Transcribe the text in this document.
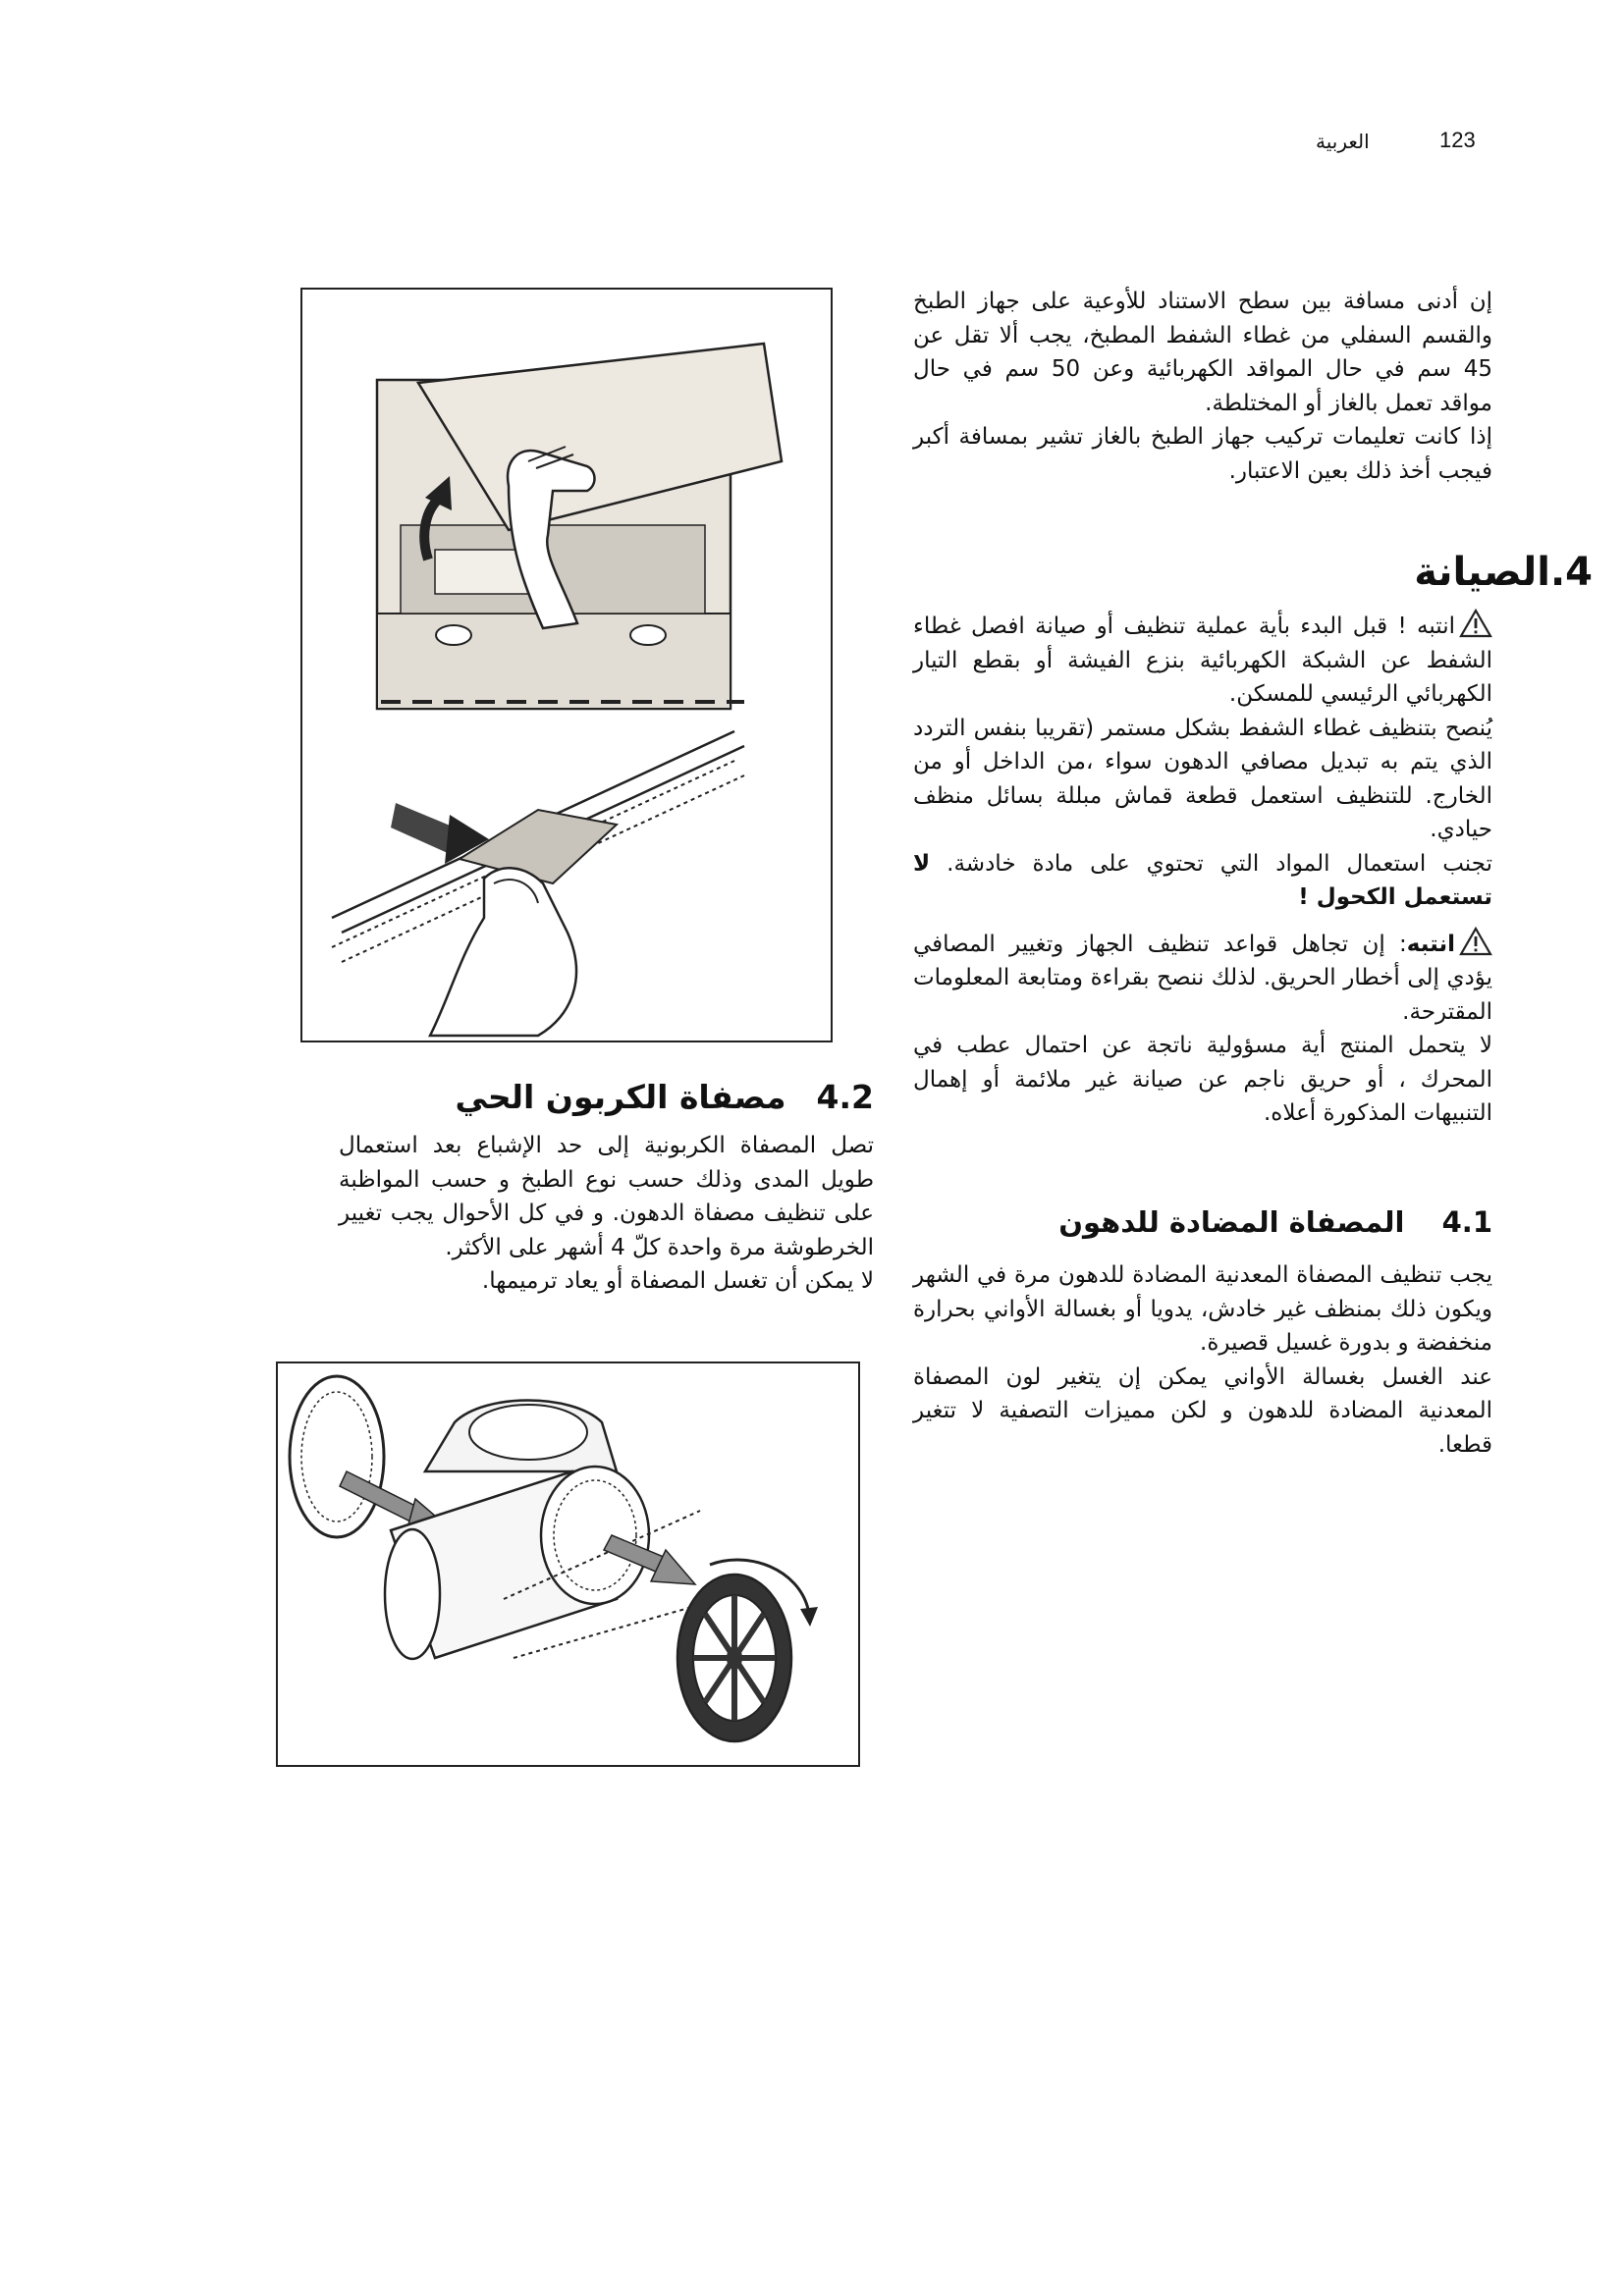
123
العربية

إن أدنى مسافة بين سطح الاستناد للأوعية على جهاز الطبخ والقسم السفلي من غطاء الشفط المطبخ، يجب ألا تقل عن 45 سم في حال المواقد الكهربائية وعن 50 سم في حال مواقد تعمل بالغاز أو المختلطة.

إذا كانت تعليمات تركيب جهاز الطبخ بالغاز تشير بمسافة أكبر فيجب أخذ ذلك بعين الاعتبار.

4.الصيانة

انتبه ! قبل البدء بأية عملية تنظيف أو صيانة افصل غطاء الشفط عن الشبكة الكهربائية بنزع الفيشة أو بقطع التيار الكهربائي الرئيسي للمسكن.

يُنصح بتنظيف غطاء الشفط بشكل مستمر (تقريبا بنفس التردد الذي يتم به تبديل مصافي الدهون سواء ،من الداخل أو من الخارج. للتنظيف استعمل قطعة قماش مبللة بسائل منظف حيادي.

تجنب استعمال المواد التي تحتوي على مادة خادشة. لا تستعمل الكحول !

انتبه: إن تجاهل قواعد تنظيف الجهاز وتغيير المصافي يؤدي إلى أخطار الحريق. لذلك ننصح بقراءة ومتابعة المعلومات المقترحة.

لا يتحمل المنتج أية مسؤولية ناتجة عن احتمال عطب في المحرك ، أو حريق ناجم عن صيانة غير ملائمة أو إهمال التنبيهات المذكورة أعلاه.

4.1  المصفاة المضادة للدهون

يجب تنظيف المصفاة المعدنية المضادة للدهون مرة في الشهر ويكون ذلك بمنظف غير خادش، يدويا أو بغسالة الأواني بحرارة منخفضة و بدورة غسيل قصيرة.

عند الغسل بغسالة الأواني يمكن إن يتغير لون المصفاة المعدنية المضادة للدهون و لكن مميزات التصفية لا تتغير قطعا.

4.2  مصفاة الكربون الحي

تصل المصفاة الكربونية إلى حد الإشباع بعد استعمال طويل المدى وذلك حسب نوع الطبخ و حسب المواظبة على تنظيف مصفاة الدهون. و في كل الأحوال يجب تغيير الخرطوشة مرة واحدة كلّ 4 أشهر على الأكثر.

لا يمكن أن تغسل المصفاة أو يعاد ترميمها.
